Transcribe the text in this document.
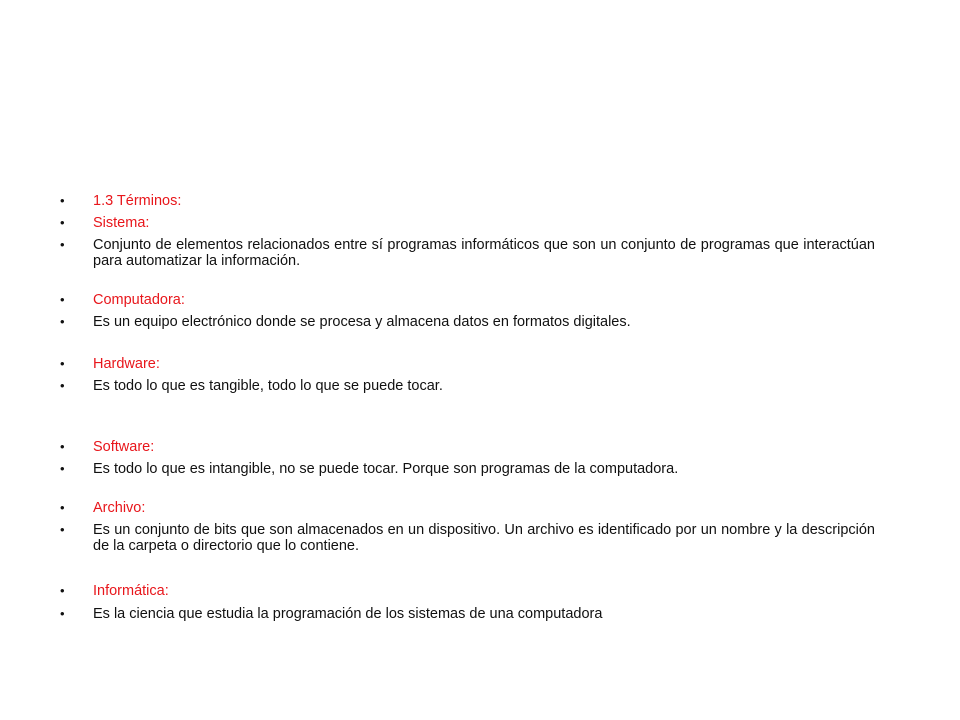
• 1.3 Términos:
• Sistema:
• Conjunto de elementos relacionados entre sí programas informáticos que son un conjunto de programas que interactúan para automatizar la información.
• Computadora:
• Es un equipo electrónico donde se procesa y almacena datos en formatos digitales.
• Hardware:
• Es todo lo que es tangible, todo lo que se puede tocar.
• Software:
• Es todo lo que es intangible, no se puede tocar. Porque son programas de la computadora.
• Archivo:
• Es un conjunto de bits que son almacenados en un dispositivo. Un archivo es identificado por un nombre y la descripción de la carpeta o directorio que lo contiene.
• Informática:
• Es la ciencia que estudia la programación de los sistemas de una computadora
